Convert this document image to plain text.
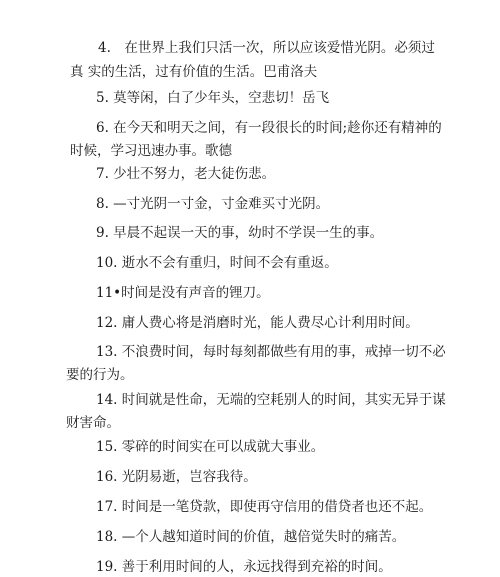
4.　在世界上我们只活一次，所以应该爱惜光阴。必须过
真 实的生活，过有价值的生活。巴甫洛夫

5. 莫等闲，白了少年头，空悲切！岳飞

6. 在今天和明天之间，有一段很长的时间;趁你还有精神的
时候，学习迅速办事。歌德

7. 少壮不努力，老大徒伤悲。

8. —寸光阴一寸金，寸金难买寸光阴。

9. 早晨不起误一天的事，幼时不学误一生的事。

10. 逝水不会有重归，时间不会有重返。

11•时间是没有声音的锂刀。

12. 庸人费心将是消磨时光，能人费尽心计利用时间。

13. 不浪费时间，每时每刻都做些有用的事，戒掉一切不必
要的行为。

14. 时间就是性命，无端的空耗别人的时间，其实无异于谋
财害命。

15. 零碎的时间实在可以成就大事业。

16. 光阴易逝，岂容我待。

17. 时间是一笔贷款，即使再守信用的借贷者也还不起。

18. —个人越知道时间的价值，越倍觉失时的痛苦。

19. 善于利用时间的人，永远找得到充裕的时间。
